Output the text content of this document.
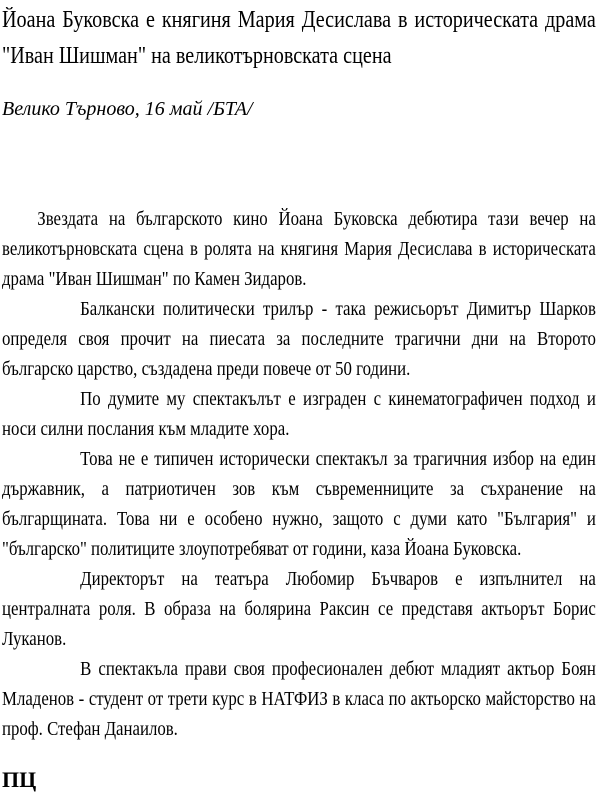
Йоана Буковска е княгиня Мария Десислава в историческата драма "Иван Шишман" на великотърновската сцена

Велико Търново, 16 май /БТА/

Звездата на българското кино Йоана Буковска дебютира тази вечер на великотърновската сцена в ролята на княгиня Мария Десислава в историческата драма "Иван Шишман" по Камен Зидаров.

Балкански политически трилър - така режисьорът Димитър Шарков определя своя прочит на пиесата за последните трагични дни на Второто българско царство, създадена преди повече от 50 години.

По думите му спектакълът е изграден с кинематографичен подход и носи силни послания към младите хора.

Това не е типичен исторически спектакъл за трагичния избор на един държавник, а патриотичен зов към съвременниците за съхранение на българщината. Това ни е особено нужно, защото с думи като "България" и "българско" политиците злоупотребяват от години, каза Йоана Буковска.

Директорът на театъра Любомир Бъчваров е изпълнител на централната роля. В образа на болярина Раксин се представя актьорът Борис Луканов.

В спектакъла прави своя професионален дебют младият актьор Боян Младенов - студент от трети курс в НАТФИЗ в класа по актьорско майсторство на проф. Стефан Данаилов.

ПЦ
